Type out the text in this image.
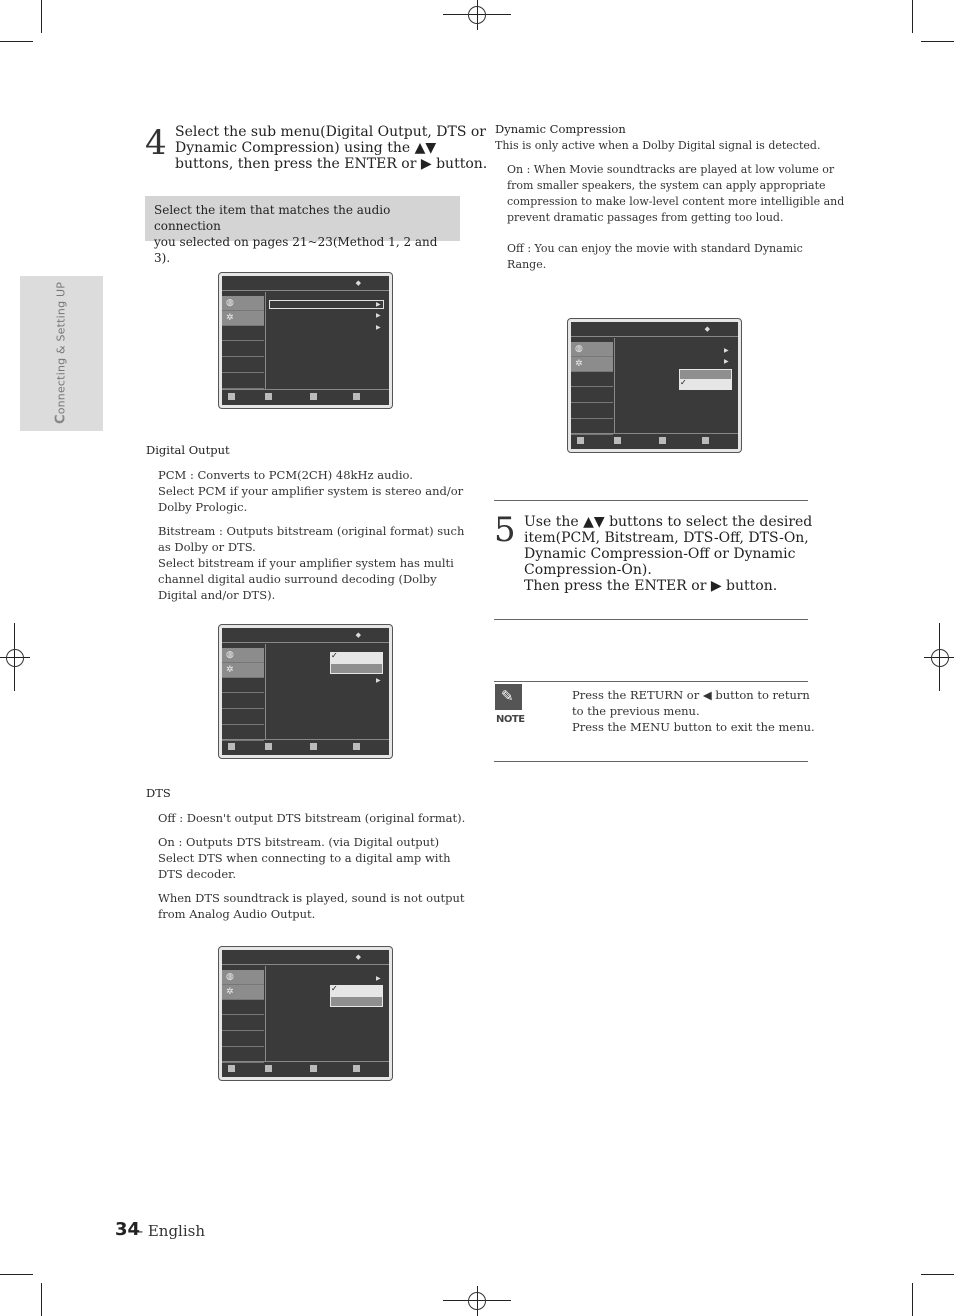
Connecting & Setting UP
4 Select the sub menu(Digital Output, DTS or
Dynamic Compression) using the ▲▼
buttons, then press the ENTER or ▶ button.
Select the item that matches the audio connection
you selected on pages 21~23(Method 1, 2 and 3).
◆
◍
✲
▶
▶
▶
Digital Output
PCM : Converts to PCM(2CH) 48kHz audio.
Select PCM if your amplifier system is stereo and/or
Dolby Prologic.
Bitstream : Outputs bitstream (original format) such
as Dolby or DTS.
Select bitstream if your amplifier system has multi
channel digital audio surround decoding (Dolby
Digital and/or DTS).
◆
◍
✲
✓
▶
DTS
Off : Doesn't output DTS bitstream (original format).
On : Outputs DTS bitstream. (via Digital output)
Select DTS when connecting to a digital amp with
DTS decoder.
When DTS soundtrack is played, sound is not output
from Analog Audio Output.
◆
◍
✲
▶
✓
Dynamic Compression
This is only active when a Dolby Digital signal is detected.
On : When Movie soundtracks are played at low volume or
from smaller speakers, the system can apply appropriate
compression to make low-level content more intelligible and
prevent dramatic passages from getting too loud.
Off : You can enjoy the movie with standard Dynamic
Range.
◆
◍
✲
▶
▶
✓
5 Use the ▲▼ buttons to select the desired
item(PCM, Bitstream, DTS-Off, DTS-On,
Dynamic Compression-Off or Dynamic
Compression-On).
Then press the ENTER or ▶ button.
✎
NOTE
Press the RETURN or ◀ button to return
to the previous menu.
Press the MENU button to exit the menu.
34
- English
